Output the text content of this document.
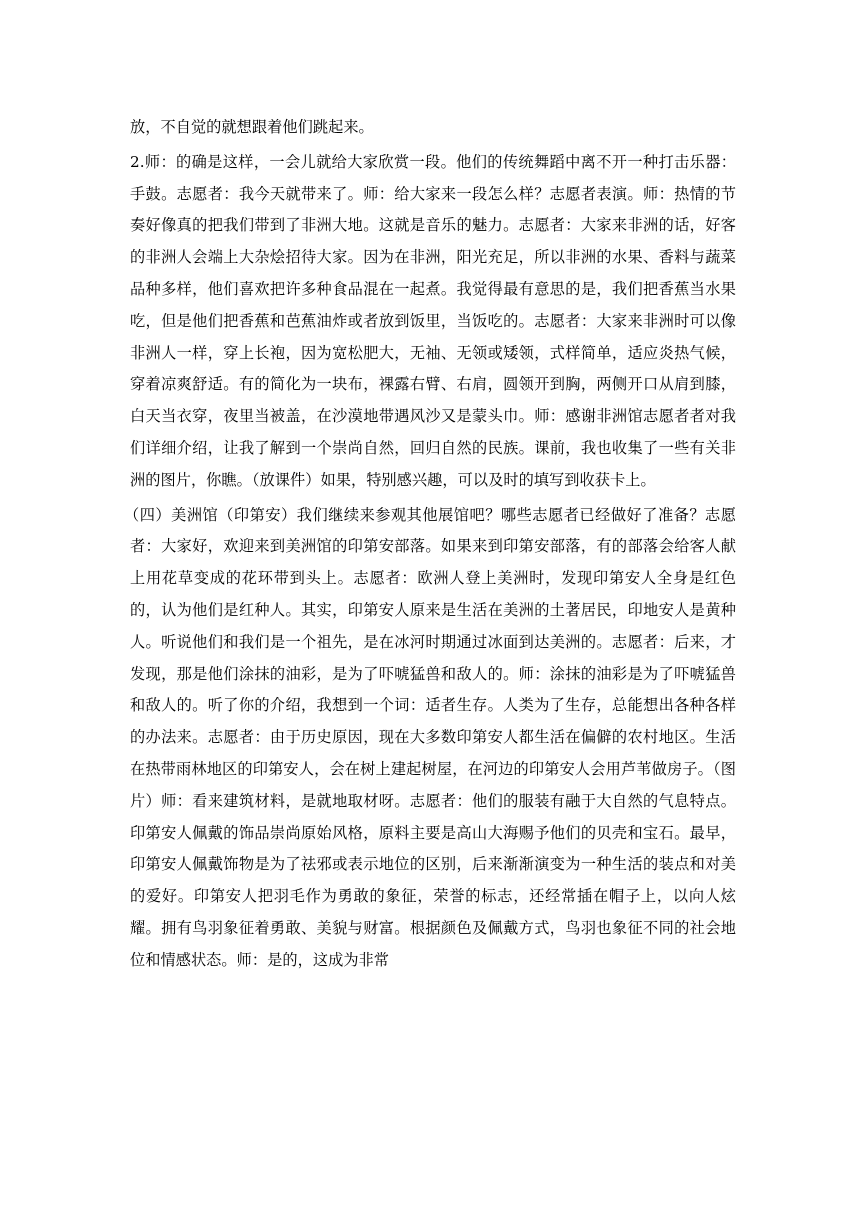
放，不自觉的就想跟着他们跳起来。

2.师：的确是这样，一会儿就给大家欣赏一段。他们的传统舞蹈中离不开一种打击乐器：手鼓。志愿者：我今天就带来了。师：给大家来一段怎么样？志愿者表演。师：热情的节奏好像真的把我们带到了非洲大地。这就是音乐的魅力。志愿者：大家来非洲的话，好客的非洲人会端上大杂烩招待大家。因为在非洲，阳光充足，所以非洲的水果、香料与蔬菜品种多样，他们喜欢把许多种食品混在一起煮。我觉得最有意思的是，我们把香蕉当水果吃，但是他们把香蕉和芭蕉油炸或者放到饭里，当饭吃的。志愿者：大家来非洲时可以像非洲人一样，穿上长袍，因为宽松肥大，无袖、无领或矮领，式样简单，适应炎热气候，穿着凉爽舒适。有的简化为一块布，裸露右臂、右肩，圆领开到胸，两侧开口从肩到膝，白天当衣穿，夜里当被盖，在沙漠地带遇风沙又是蒙头巾。师：感谢非洲馆志愿者者对我们详细介绍，让我了解到一个崇尚自然，回归自然的民族。课前，我也收集了一些有关非洲的图片，你瞧。（放课件）如果，特别感兴趣，可以及时的填写到收获卡上。

（四）美洲馆（印第安）我们继续来参观其他展馆吧？哪些志愿者已经做好了准备？志愿者：大家好，欢迎来到美洲馆的印第安部落。如果来到印第安部落，有的部落会给客人献上用花草变成的花环带到头上。志愿者：欧洲人登上美洲时，发现印第安人全身是红色的，认为他们是红种人。其实，印第安人原来是生活在美洲的土著居民，印地安人是黄种人。听说他们和我们是一个祖先，是在冰河时期通过冰面到达美洲的。志愿者：后来，才发现，那是他们涂抹的油彩，是为了吓唬猛兽和敌人的。师：涂抹的油彩是为了吓唬猛兽和敌人的。听了你的介绍，我想到一个词：适者生存。人类为了生存，总能想出各种各样的办法来。志愿者：由于历史原因，现在大多数印第安人都生活在偏僻的农村地区。生活在热带雨林地区的印第安人，会在树上建起树屋，在河边的印第安人会用芦苇做房子。（图片）师：看来建筑材料，是就地取材呀。志愿者：他们的服装有融于大自然的气息特点。印第安人佩戴的饰品崇尚原始风格，原料主要是高山大海赐予他们的贝壳和宝石。最早，印第安人佩戴饰物是为了祛邪或表示地位的区别，后来渐渐演变为一种生活的装点和对美的爱好。印第安人把羽毛作为勇敢的象征，荣誉的标志，还经常插在帽子上，以向人炫耀。拥有鸟羽象征着勇敢、美貌与财富。根据颜色及佩戴方式，鸟羽也象征不同的社会地位和情感状态。师：是的，这成为非常
